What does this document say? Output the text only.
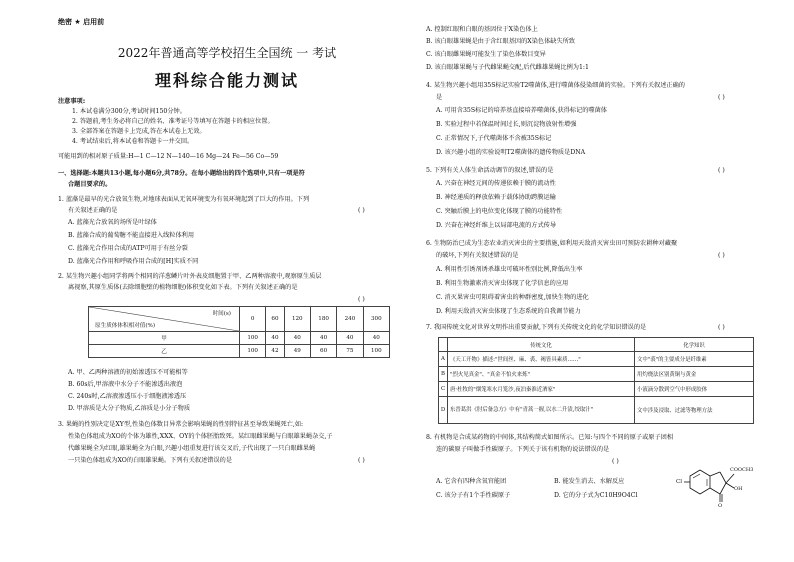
绝密 ★ 启用前
2022年普通高等学校招生全国统 一 考试
理科综合能力测试
注意事项:
1. 本试卷满分300分,考试时间150分钟。
2. 答题前,考生务必将自己的姓名、准考证号等填写在答题卡的相应位置。
3. 全部答案在答题卡上完成,答在本试卷上无效。
4. 考试结束后,将本试卷和答题卡一并交回。
可能用到的相对原子质量:H—1 C—12 N—140—16 Mg—24 Fe—56 Co—59
一、选择题:本题共13小题,每小题6分,共78分。在每小题给出的四个选项中,只有一项是符
合题目要求的。
1. 蓝藻是最早的光合放氧生物,对地球表面从无氧环境变为有氧环境起到了巨大的作用。下列
有关叙述正确的是	( )
A. 蓝藻光合放氧的场所是叶绿体
B. 蓝藻合成的葡萄糖不能直接进入线粒体利用
C. 蓝藻光合作用合成的ATP可用于有丝分裂
D. 蓝藻光合作用和呼吸作用合成的[H]实质不同
2. 某生物兴趣小组同学将两个相同的洋葱鳞片叶外表皮细胞置于甲、乙两种溶液中,观察原生质层
离视察,其原生质体(去除细胞壁的植物细胞)体积变化如下表。下列有关叙述正确的是
( )
时间(s)
原生质体体积相对值(%)	0	60	120	180	240	300
甲	100	40	40	40	40	40
乙	100	42	49	60	75	100
A. 甲、乙两种溶液的初始渗透压不可能相等
B. 60s后,甲溶液中水分子不能渗透出液泡
C. 240s时,乙溶液渗透压小于细胞液渗透压
D. 甲溶质是大分子物质,乙溶质是小分子物质
3. 果蝇的性别决定是XY型,性染色体数目异常会影响果蝇的性别特征甚至导致果蝇死亡,如:
性染色体组成为XO的个体为雄性,XXX、OY的个体胚胎致死。某红眼雌果蝇与白眼雄果蝇杂交,子
代雌果蝇全为红眼,雄果蝇全为白眼,兴趣小组重复进行该交叉后,子代出现了一只白眼雌果蝇
一只染色体组成为XO的白眼雄果蝇。下列有关叙述错误的是	( )
A. 控制红眼和白眼的基因位于X染色体上
B. 该白眼雄果蝇是由于含红眼基因的X染色体缺失所致
C. 该白眼雌果蝇可能发生了染色体数目变异
D. 该白眼雄果蝇与子代雌果蝇交配,后代雌雄果蝇比例为1:1
4. 某生物兴趣小组用35S标记实验T2噬菌体,进行噬菌体侵染细菌的实验。下列有关叙述正确的
是	( )
A. 可用含35S标记的培养基直接培养噬菌体,获得标记的噬菌体
B. 实验过程中若保温时间过长,则沉淀物放射性增强
C. 正常情况下,子代噬菌体不含被35S标记
D. 该兴趣小组的实验说明T2噬菌体的遗传物质是DNA
5. 下列有关人体生命活动调节的叙述,错误的是	( )
A. 兴奋在神经元间的传递依赖于膜的流动性
B. 神经递质的释放依赖于载体协助跨膜运输
C. 突触后膜上的电位变化体现了膜的功能特性
D. 兴奋在神经纤维上以局部电流的方式传导
6. 生物防治已成为生态农业消灭害虫的主要措施,如利用天敌消灭害虫田可预防农耕种对藏聚
的破坏,下列有关叙述错误的是	( )
A. 利用性引诱剂诱杀雄虫可破坏性别比例,降低出生率
B. 利用生物激素消灭害虫体现了化学信息的应用
C. 消灭果害虫可阻碍着害虫的种群密度,加快生物的进化
D. 利用天敌消灭害虫体现了生态系统的自我调节能力
7. 我国传统文化对世界文明作出重要贡献,下列有关传统文化的化学知识错误的是	( )
	传统文化	化学知识
A	《天工开物》描述:"世间丝、麻、裘、褐皆具素质……"	文中"裘"的主要成分是纤维素
B	"烈火见真金"、"真金不怕火来炼"	用灼烧法区别黄铜与黄金
C	唐·杜牧的"烟笼寒水月笼沙,夜泊秦淮近酒家"	小液滴分散到空气中形成胶体
D	东晋葛洪《肘后备急方》中有"青蒿一握,以水二升渍,绞取汁"	文中涉及浸取、过滤等物理方法
8. 有机物是合成某药物的中间体,其结构简式如图所示。已知:与四个不同的原子或原子团相
连的碳原子叫做手性碳原子。下列关于该有机物的说法错误的是
( )
A. 它含有四种含氧官能团	B. 能发生消去、水解反应
C. 该分子有1个手性碳原子	D. 它的分子式为C10H9O4Cl
Cl
COOCH3
OH
O
